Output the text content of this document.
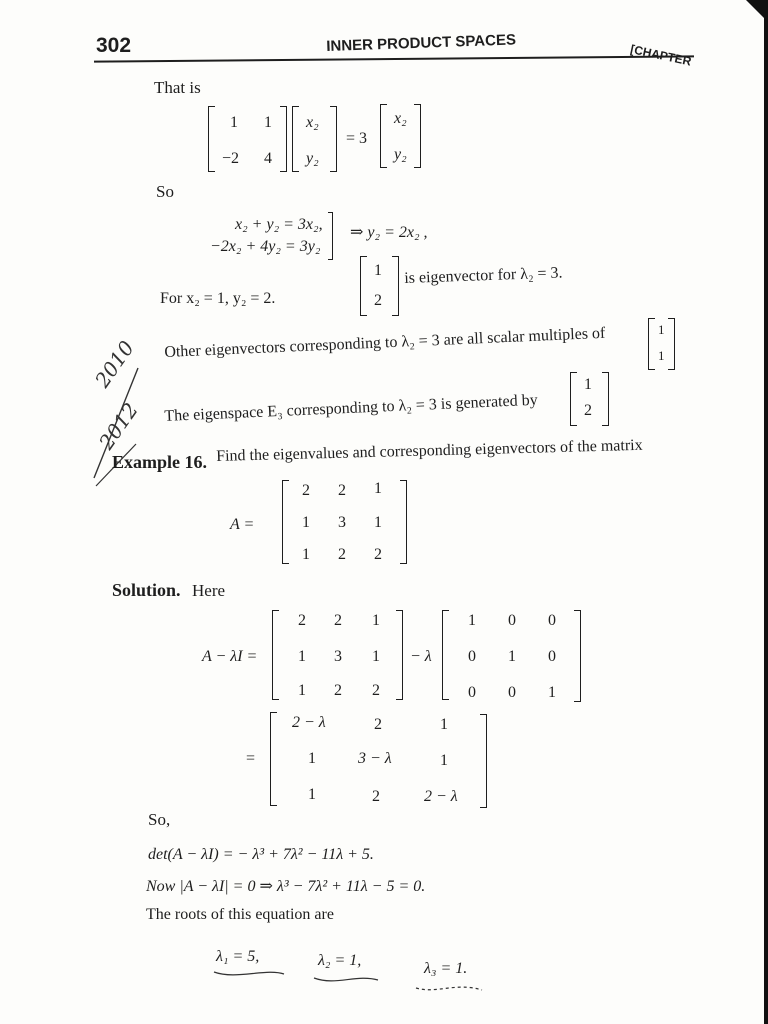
302	INNER PRODUCT SPACES	[CHAPTER
That is
1 1
−2 4
x₂
y₂
= 3
x₂
y₂
So
x₂ + y₂ = 3x₂,
−2x₂ + 4y₂ = 3y₂
⇒ y₂ = 2x₂ ,
For x₂ = 1, y₂ = 2.
1
2
is eigenvector for λ₂ = 3.
Other eigenvectors corresponding to λ₂ = 3 are all scalar multiples of	1
1
The eigenspace E₃ corresponding to λ₂ = 3 is generated by
1
2
2010
2012
Example 16. Find the eigenvalues and corresponding eigenvectors of the matrix
A =
2 2 1
1 3 1
1 2 2
Solution. Here
A − λI =
2 2 1
1 3 1
1 2 2
− λ
1 0 0
0 1 0
0 0 1
=
2 − λ	2	1
1	3 − λ	1
1	2	2 − λ
So,
det(A − λI) = − λ³ + 7λ² − 11λ + 5.
Now |A − λI| = 0 ⇒ λ³ − 7λ² + 11λ − 5 = 0.
The roots of this equation are
λ₁ = 5,	λ₂ = 1,	λ₃ = 1.
